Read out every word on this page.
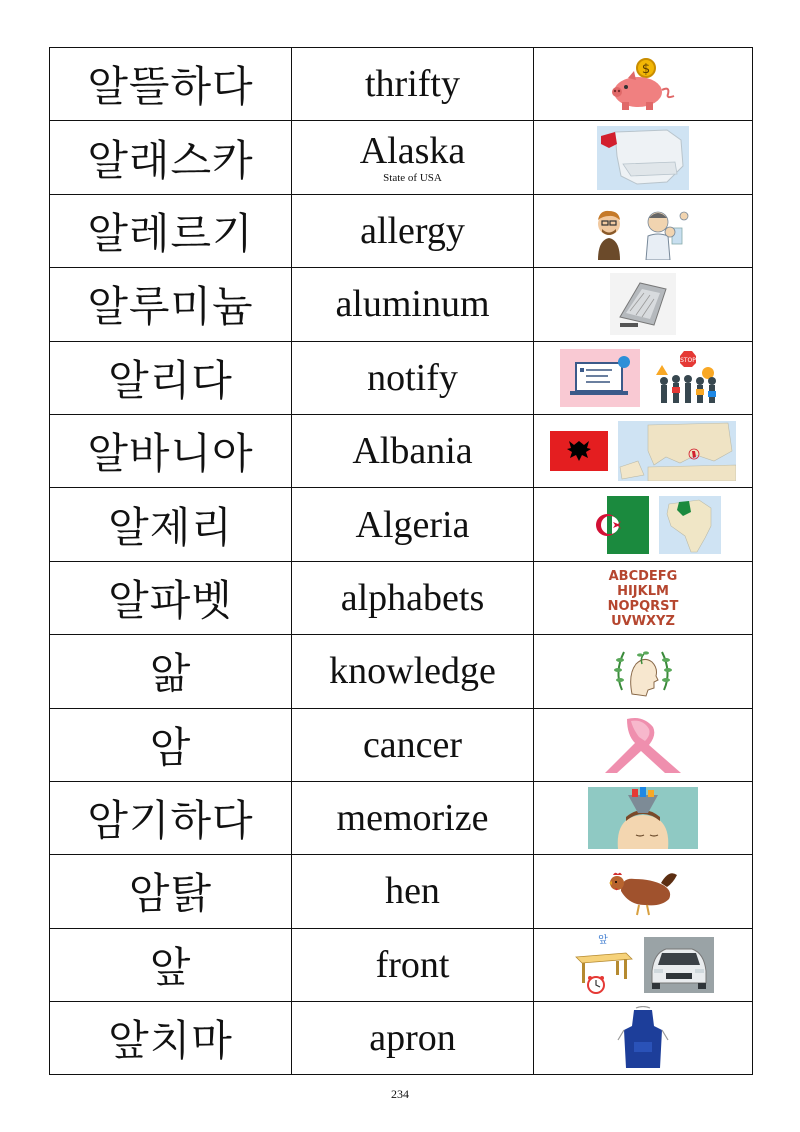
알뜰하다	thrifty	$

알래스카	Alaska
State of USA

알레르기	allergy	

알루미늄	aluminum	

알리다	notify	STOP

알바니아	Albania	

알제리	Algeria	

알파벳	alphabets	ABCDEFG
HIJKLM
NOPQRST
UVWXYZ

앎	knowledge	

암	cancer	

암기하다	memorize	

암탉	hen	

앞	front	앞

앞치마	apron	
234
